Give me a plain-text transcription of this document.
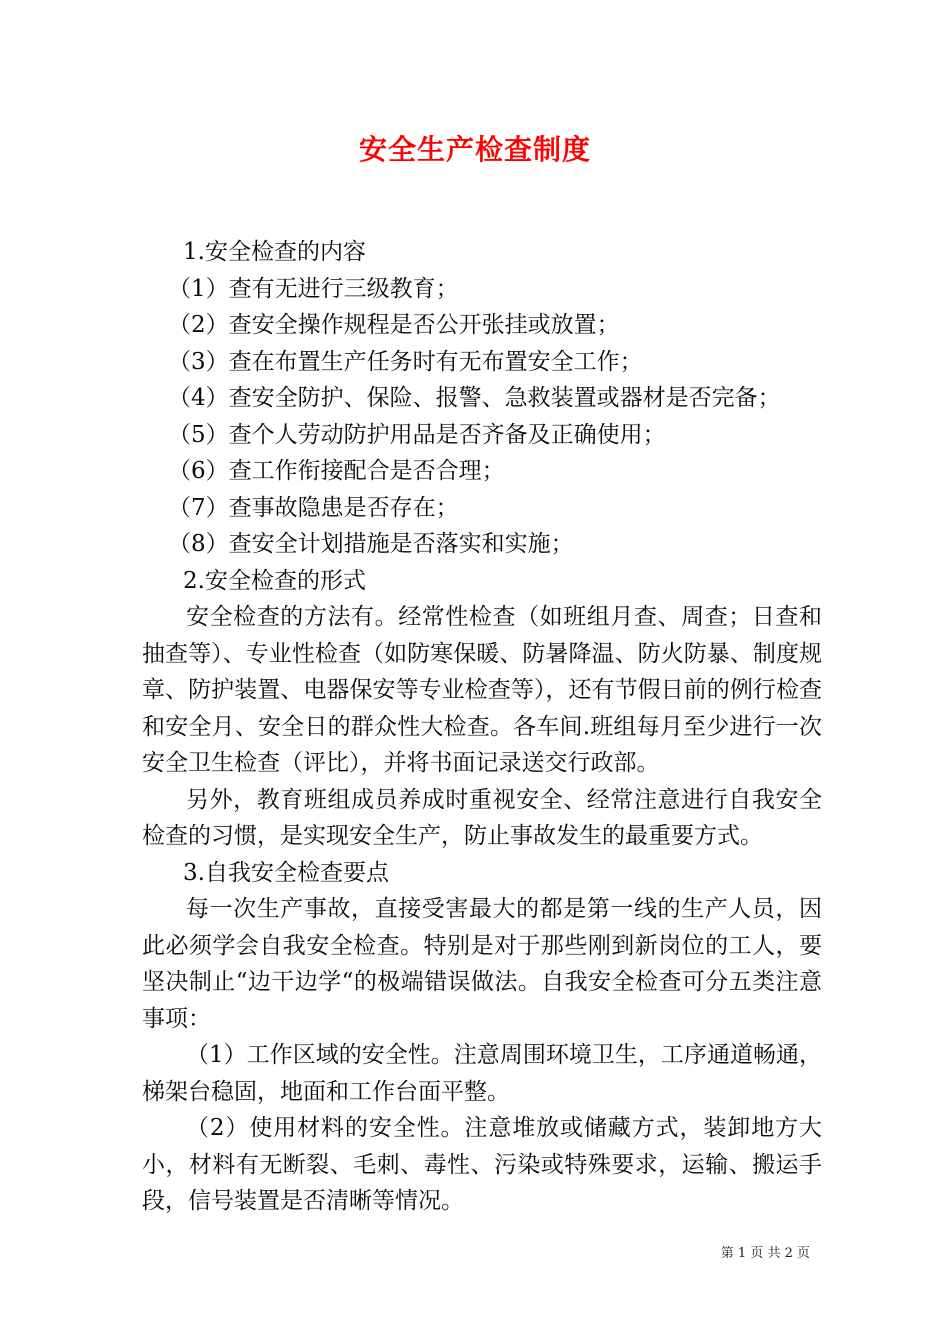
安全生产检查制度

1.安全检查的内容

（1）查有无进行三级教育；

（2）查安全操作规程是否公开张挂或放置；

（3）查在布置生产任务时有无布置安全工作；

（4）查安全防护、保险、报警、急救装置或器材是否完备；

（5）查个人劳动防护用品是否齐备及正确使用；

（6）查工作衔接配合是否合理；

（7）查事故隐患是否存在；

（8）查安全计划措施是否落实和实施；

2.安全检查的形式

安全检查的方法有。经常性检查（如班组月查、周查；日查和抽查等）、专业性检查（如防寒保暖、防暑降温、防火防暴、制度规章、防护装置、电器保安等专业检查等），还有节假日前的例行检查和安全月、安全日的群众性大检查。各车间.班组每月至少进行一次安全卫生检查（评比），并将书面记录送交行政部。

另外，教育班组成员养成时重视安全、经常注意进行自我安全检查的习惯，是实现安全生产，防止事故发生的最重要方式。

3.自我安全检查要点

每一次生产事故，直接受害最大的都是第一线的生产人员，因此必须学会自我安全检查。特别是对于那些刚到新岗位的工人，要坚决制止“边干边学“的极端错误做法。自我安全检查可分五类注意事项：

（1）工作区域的安全性。注意周围环境卫生，工序通道畅通，梯架台稳固，地面和工作台面平整。

（2）使用材料的安全性。注意堆放或储藏方式，装卸地方大小，材料有无断裂、毛刺、毒性、污染或特殊要求，运输、搬运手段，信号装置是否清晰等情况。

第 1 页 共 2 页
